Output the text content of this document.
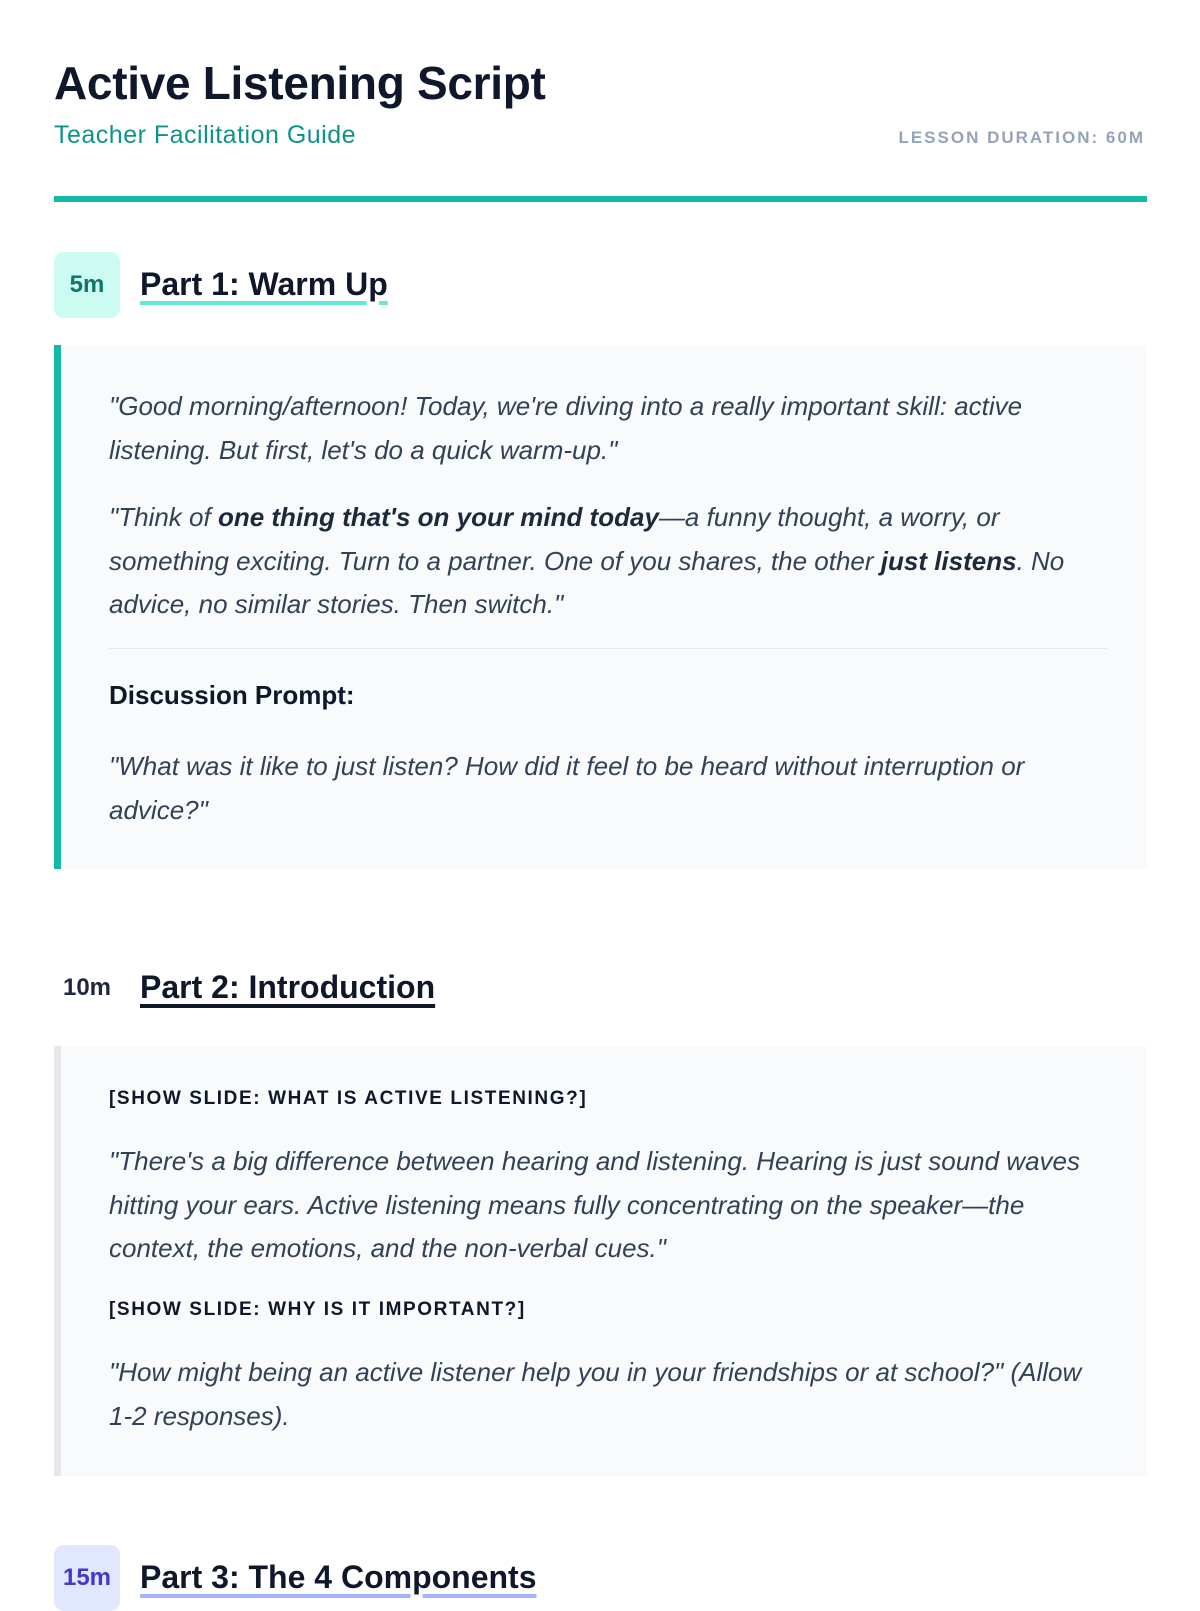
Active Listening Script
Teacher Facilitation Guide	LESSON DURATION: 60M
5m	Part 1: Warm Up

"Good morning/afternoon! Today, we're diving into a really important skill: active listening. But first, let's do a quick warm-up."

"Think of one thing that's on your mind today—a funny thought, a worry, or something exciting. Turn to a partner. One of you shares, the other just listens. No advice, no similar stories. Then switch."

Discussion Prompt:

"What was it like to just listen? How did it feel to be heard without interruption or advice?"

10m Part 2: Introduction
[SHOW SLIDE: WHAT IS ACTIVE LISTENING?]

"There's a big difference between hearing and listening. Hearing is just sound waves hitting your ears. Active listening means fully concentrating on the speaker—the context, the emotions, and the non-verbal cues."

[SHOW SLIDE: WHY IS IT IMPORTANT?]

"How might being an active listener help you in your friendships or at school?" (Allow 1-2 responses).

15m Part 3: The 4 Components
